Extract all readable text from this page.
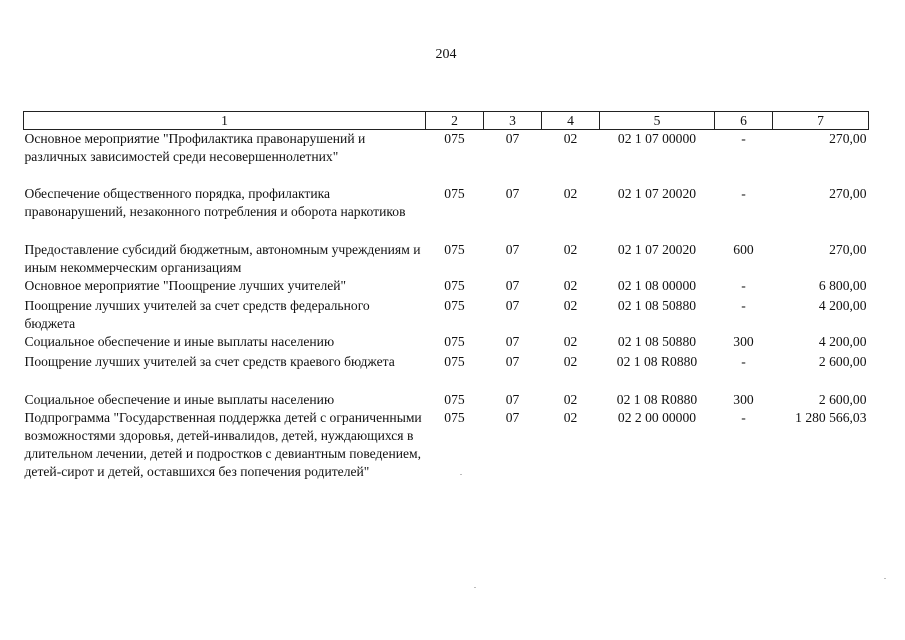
204
1	2	3	4	5	6	7
Основное мероприятие "Профилактика правонарушений и различных зависимостей среди несовершеннолетних"	075	07	02	02 1 07 00000	-	270,00
Обеспечение общественного порядка, профилактика правонарушений, незаконного потребления и оборота наркотиков	075	07	02	02 1 07 20020	-	270,00
Предоставление субсидий бюджетным, автономным учреждениям и иным некоммерческим организациям	075	07	02	02 1 07 20020	600	270,00
Основное мероприятие "Поощрение лучших учителей"	075	07	02	02 1 08 00000	-	6 800,00
Поощрение лучших учителей за счет средств федерального бюджета	075	07	02	02 1 08 50880	-	4 200,00
Социальное обеспечение и иные выплаты населению	075	07	02	02 1 08 50880	300	4 200,00
Поощрение лучших учителей за счет средств краевого бюджета	075	07	02	02 1 08 R0880	-	2 600,00
Социальное обеспечение и иные выплаты населению	075	07	02	02 1 08 R0880	300	2 600,00
Подпрограмма "Государственная поддержка детей с ограниченными возможностями здоровья, детей-инвалидов, детей, нуждающихся в длительном лечении, детей и подростков с девиантным поведением, детей-сирот и детей, оставшихся без попечения родителей"	075	07	02	02 2 00 00000	-	1 280 566,03
